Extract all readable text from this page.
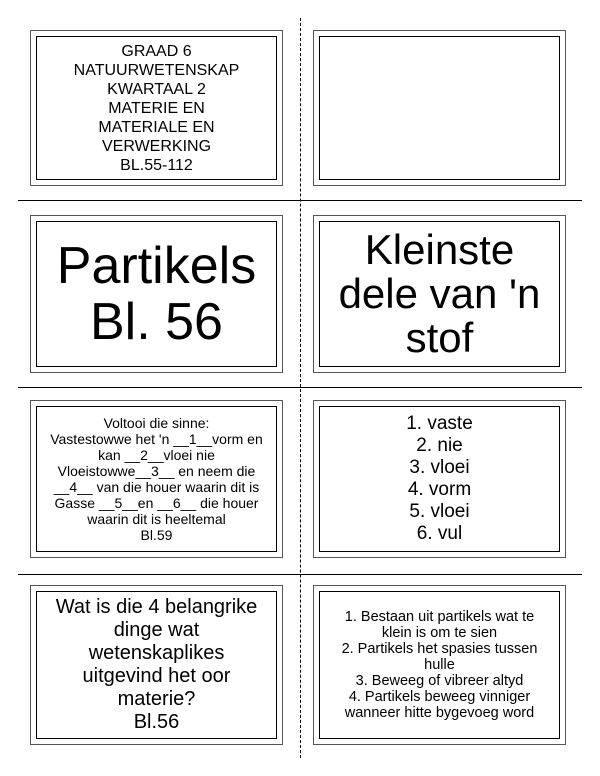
GRAAD 6
NATUURWETENSKAP
KWARTAAL 2
MATERIE EN
MATERIALE EN
VERWERKING
BL.55-112
Partikels
Bl. 56
Kleinste
dele van 'n
stof
Voltooi die sinne:
Vastestowwe het 'n __1__vorm en
kan __2__vloei nie
Vloeistowwe__3__ en neem die
__4__ van die houer waarin dit is
Gasse __5__en __6__ die houer
waarin dit is heeltemal
Bl.59
1. vaste
2. nie
3. vloei
4. vorm
5. vloei
6. vul
Wat is die 4 belangrike
dinge wat
wetenskaplikes
uitgevind het oor
materie?
Bl.56
1. Bestaan uit partikels wat te
klein is om te sien
2. Partikels het spasies tussen
hulle
3. Beweeg of vibreer altyd
4. Partikels beweeg vinniger
wanneer hitte bygevoeg word
